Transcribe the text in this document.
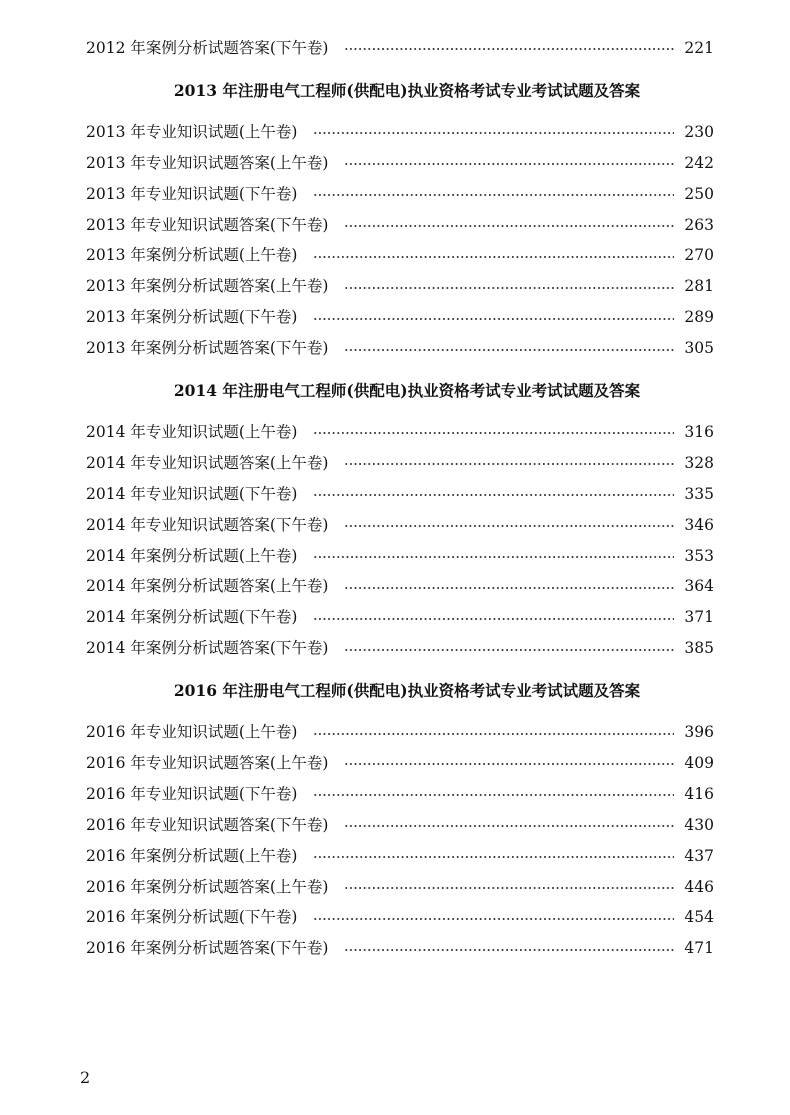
2012 年案例分析试题答案(下午卷)	221
2013 年注册电气工程师(供配电)执业资格考试专业考试试题及答案
2013 年专业知识试题(上午卷)	230
2013 年专业知识试题答案(上午卷)	242
2013 年专业知识试题(下午卷)	250
2013 年专业知识试题答案(下午卷)	263
2013 年案例分析试题(上午卷)	270
2013 年案例分析试题答案(上午卷)	281
2013 年案例分析试题(下午卷)	289
2013 年案例分析试题答案(下午卷)	305
2014 年注册电气工程师(供配电)执业资格考试专业考试试题及答案
2014 年专业知识试题(上午卷)	316
2014 年专业知识试题答案(上午卷)	328
2014 年专业知识试题(下午卷)	335
2014 年专业知识试题答案(下午卷)	346
2014 年案例分析试题(上午卷)	353
2014 年案例分析试题答案(上午卷)	364
2014 年案例分析试题(下午卷)	371
2014 年案例分析试题答案(下午卷)	385
2016 年注册电气工程师(供配电)执业资格考试专业考试试题及答案
2016 年专业知识试题(上午卷)	396
2016 年专业知识试题答案(上午卷)	409
2016 年专业知识试题(下午卷)	416
2016 年专业知识试题答案(下午卷)	430
2016 年案例分析试题(上午卷)	437
2016 年案例分析试题答案(上午卷)	446
2016 年案例分析试题(下午卷)	454
2016 年案例分析试题答案(下午卷)	471
2
